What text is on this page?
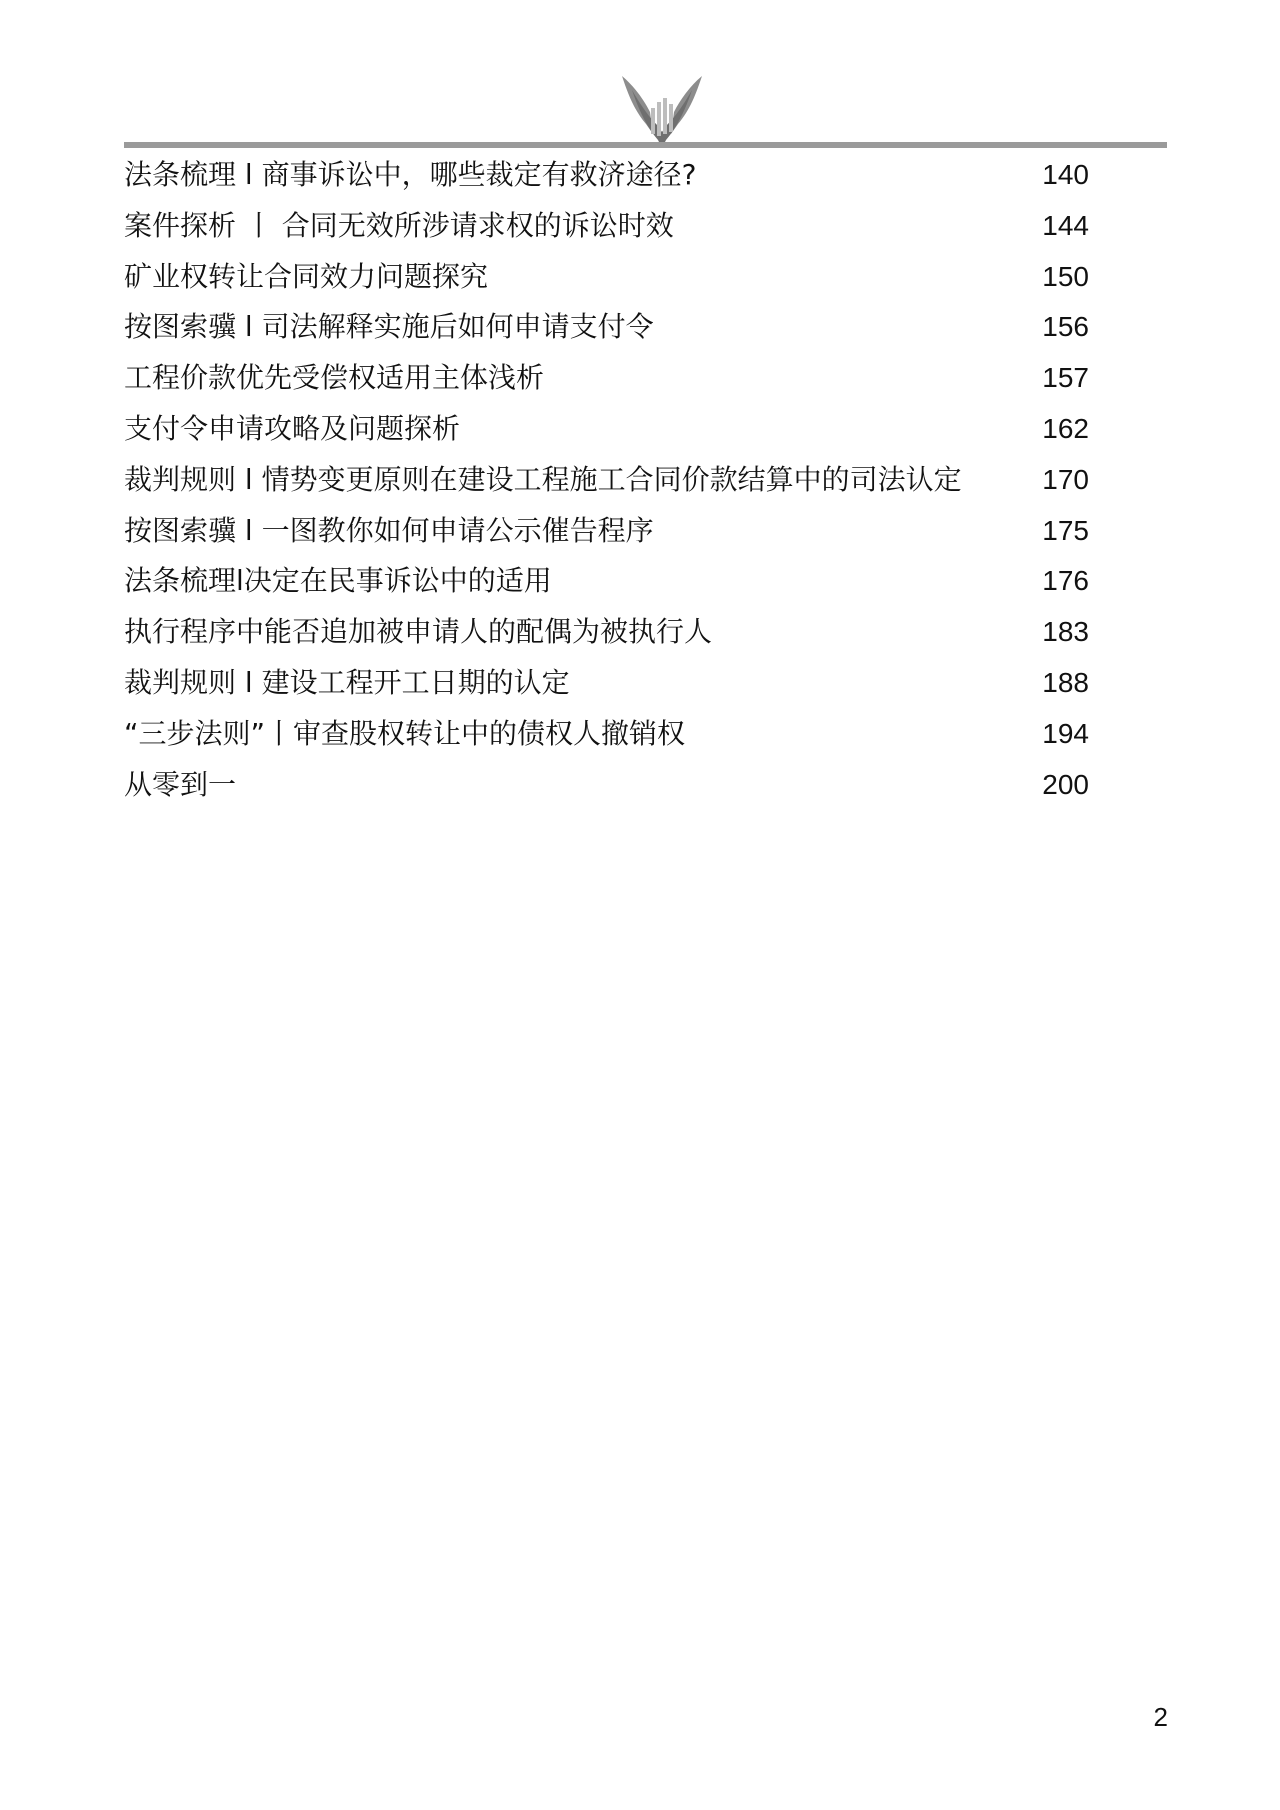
法条梳理 l 商事诉讼中，哪些裁定有救济途径?	140
案件探析 丨 合同无效所涉请求权的诉讼时效	144
矿业权转让合同效力问题探究	150
按图索骥 l 司法解释实施后如何申请支付令	156
工程价款优先受偿权适用主体浅析	157
支付令申请攻略及问题探析	162
裁判规则 l 情势变更原则在建设工程施工合同价款结算中的司法认定	170
按图索骥 l 一图教你如何申请公示催告程序	175
法条梳理l决定在民事诉讼中的适用	176
执行程序中能否追加被申请人的配偶为被执行人	183
裁判规则 l 建设工程开工日期的认定	188
“三步法则”丨审查股权转让中的债权人撤销权	194
从零到一	200
2
